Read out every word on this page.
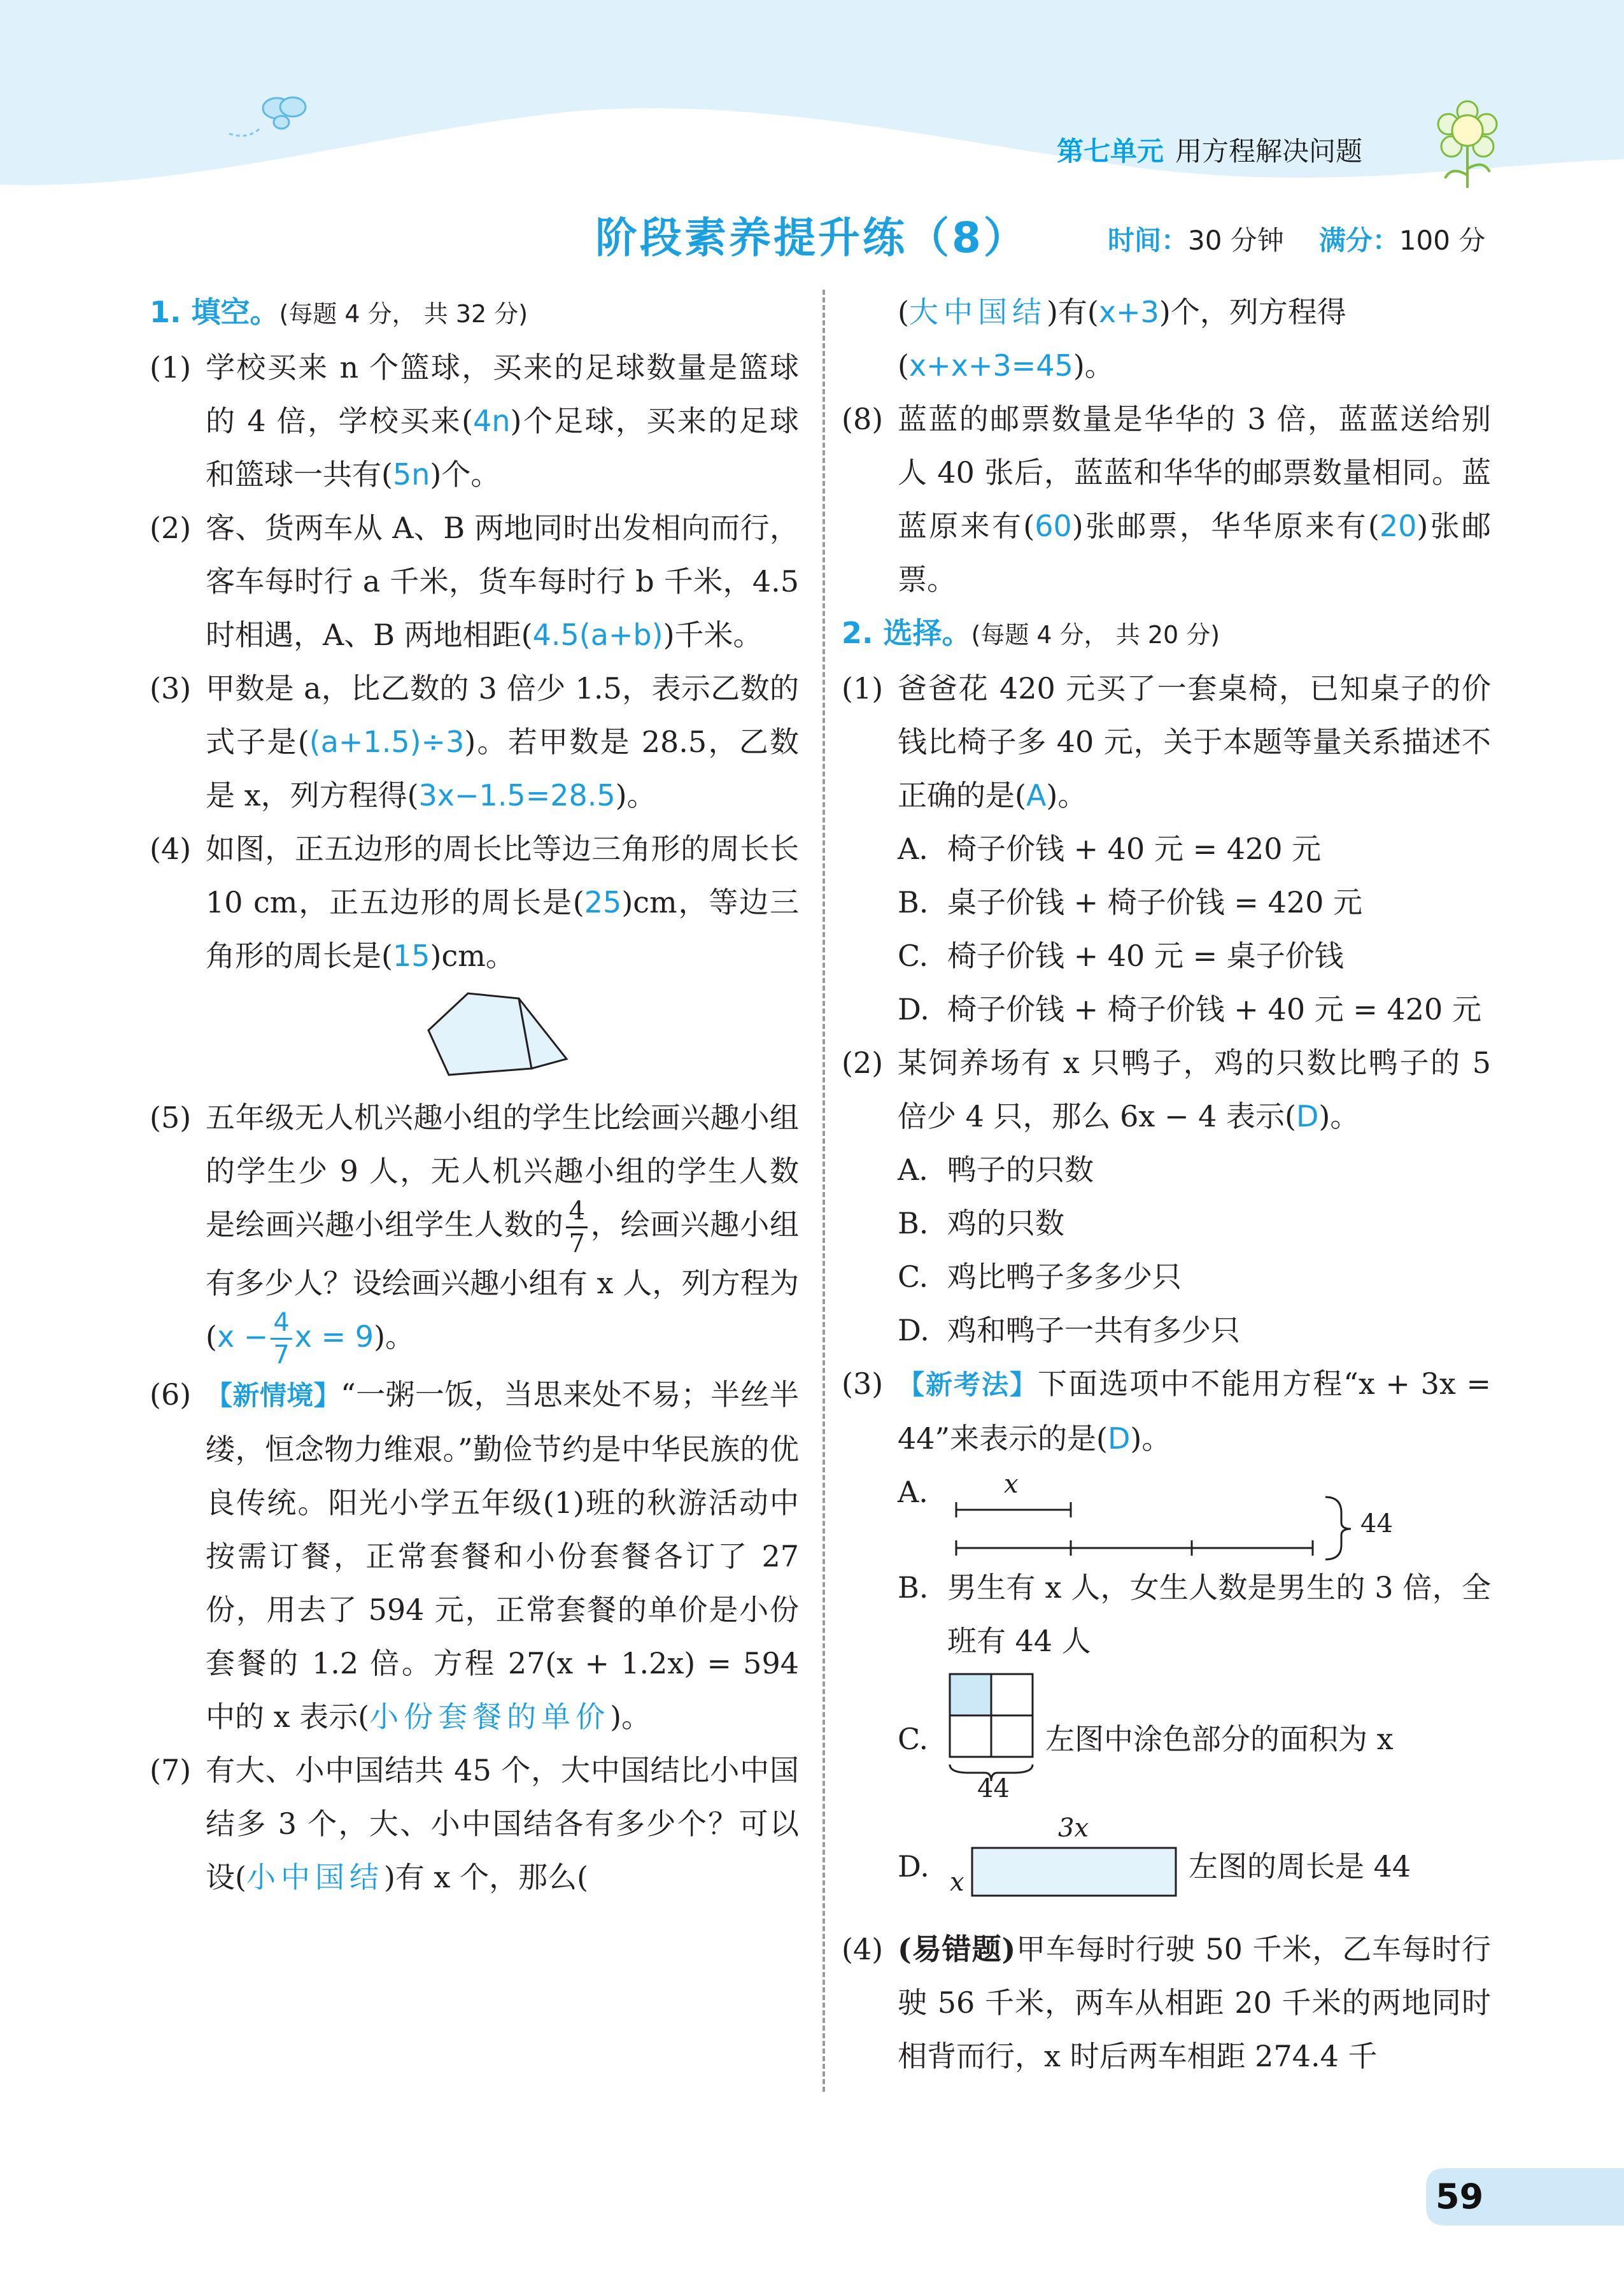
第七单元 用方程解决问题
阶段素养提升练（8）	时间：30 分钟 满分：100 分
1. 填空。(每题 4 分， 共 32 分)
(1) 学校买来 n 个篮球，买来的足球数量是篮球的 4 倍，学校买来(4n)个足球，买来的足球和篮球一共有(5n)个。
(2) 客、货两车从 A、B 两地同时出发相向而行，客车每时行 a 千米，货车每时行 b 千米，4.5 时相遇，A、B 两地相距(4.5(a+b))千米。
(3) 甲数是 a，比乙数的 3 倍少 1.5，表示乙数的式子是((a+1.5)÷3)。若甲数是 28.5，乙数是 x，列方程得(3x−1.5=28.5)。
(4) 如图，正五边形的周长比等边三角形的周长长 10 cm，正五边形的周长是(25)cm，等边三角形的周长是(15)cm。
(5) 五年级无人机兴趣小组的学生比绘画兴趣小组的学生少 9 人，无人机兴趣小组的学生人数是绘画兴趣小组学生人数的 $\frac{4}{7}$ ，绘画兴趣小组有多少人？设绘画兴趣小组有 x 人，列方程为($x - \frac{4}{7}$ x = 9)。
(6) 【新情境】“一粥一饭，当思来处不易；半丝半缕，恒念物力维艰。”勤俭节约是中华民族的优良传统。阳光小学五年级(1)班的秋游活动中按需订餐，正常套餐和小份套餐各订了 27 份，用去了 594 元，正常套餐的单价是小份套餐的 1.2 倍。方程 27(x + 1.2x) = 594 中的 x 表示(小份套餐的单价)。
(7) 有大、小中国结共 45 个，大中国结比小中国结多 3 个，大、小中国结各有多少个？可以设(小中国结)有 x 个，那么(
(大中国结)有(x+3)个，列方程得(x+x+3=45)。
(8) 蓝蓝的邮票数量是华华的 3 倍，蓝蓝送给别人 40 张后，蓝蓝和华华的邮票数量相同。蓝蓝原来有(60)张邮票，华华原来有(20)张邮票。
2. 选择。(每题 4 分， 共 20 分)
(1) 爸爸花 420 元买了一套桌椅，已知桌子的价钱比椅子多 40 元，关于本题等量关系描述不正确的是(A)。
A. 椅子价钱 + 40 元 = 420 元
B. 桌子价钱 + 椅子价钱 = 420 元
C. 椅子价钱 + 40 元 = 桌子价钱
D. 椅子价钱 + 椅子价钱 + 40 元 = 420 元
(2) 某饲养场有 x 只鸭子，鸡的只数比鸭子的 5 倍少 4 只，那么 6x − 4 表示(D)。
A. 鸭子的只数
B. 鸡的只数
C. 鸡比鸭子多多少只
D. 鸡和鸭子一共有多少只
(3) 【新考法】下面选项中不能用方程“x + 3x = 44”来表示的是(D)。
A.	x
44
B. 男生有 x 人，女生人数是男生的 3 倍，全班有 44 人
C.
44
左图中涂色部分的面积为 x
D.
3x
x	左图的周长是 44
(4) (易错题)甲车每时行驶 50 千米，乙车每时行驶 56 千米，两车从相距 20 千米的两地同时相背而行，x 时后两车相距 274.4 千
59
